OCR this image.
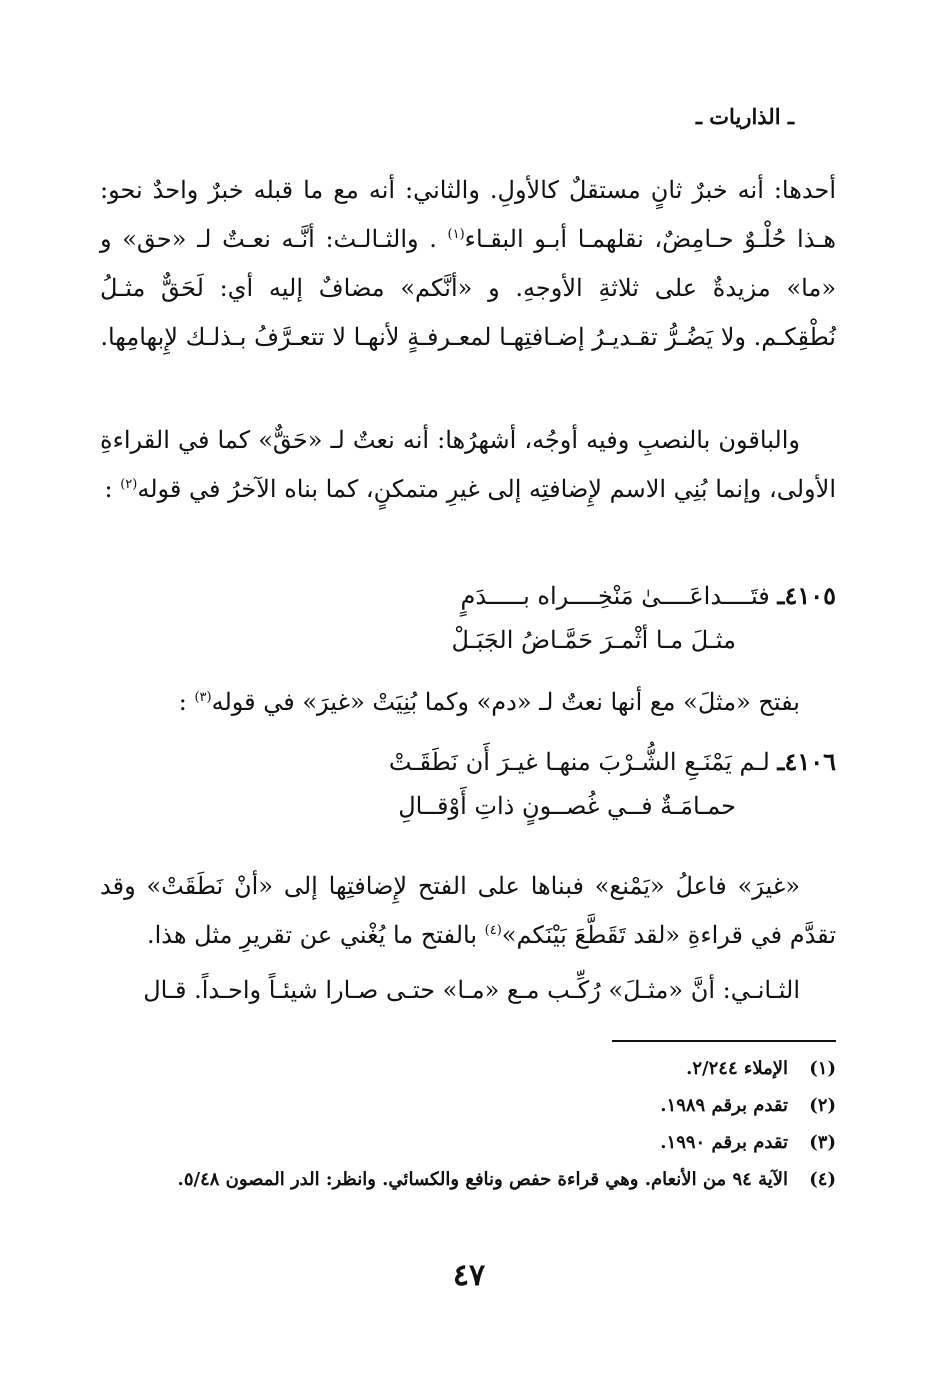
ـ الذاريات ـ

أحدها: أنه خبرٌ ثانٍ مستقلٌ كالأولِ. والثاني: أنه مع ما قبله خبرٌ واحدٌ نحو: هـذا حُلْـوٌ حـامِضٌ، نقلهمـا أبـو البقـاء$^{(١)}$ . والثـالـث: أنَّـه نعـتٌ لـ «حق» و «ما» مزيدةٌ على ثلاثةِ الأوجهِ. و «أنَّكم» مضافٌ إليه أي: لَحَقٌّ مثـلُ نُطْقِكـم. ولا يَضُـرُّ تقـديـرُ إضـافتِهـا لمعـرفـةٍ لأنهـا لا تتعـرَّفُ بـذلـك لإِبهامِها.

والباقون بالنصبِ وفيه أوجُه، أشهرُها: أنه نعتٌ لـ «حَقٌّ» كما في القراءةِ الأولى، وإنما بُنِي الاسم لإِضافتِه إلى غيرِ متمكنٍ، كما بناه الآخرُ في قوله$^{(٢)}$ :

٤١٠٥ـ فتَــــداعَــــىٰ مَنْخِــــراه بـــــدَمٍ
مثـلَ مـا أثْمـرَ حَمَّـاضُ الجَبَـلْ

بفتح «مثلَ» مع أنها نعتٌ لـ «دم» وكما بُنِيَتْ «غيرَ» في قوله$^{(٣)}$ :

٤١٠٦ـ لـم يَمْنَـعِ الشُّـرْبَ منهـا غيـرَ أَن نَطَقَـتْ
حمـامَـةٌ فــي غُصــونٍ ذاتِ أَوْقــالِ

«غيرَ» فاعلُ «يَمْنع» فبناها على الفتح لإِضافتِها إلى «أنْ نَطَقَتْ» وقد تقدَّم في قراءةِ «لقد تَقَطَّعَ بَيْنَكم»$^{(٤)}$ بالفتح ما يُغْني عن تقريرِ مثل هذا.

الثـانـي: أنَّ «مثـلَ» رُكِّـب مـع «مـا» حتـى صـارا شيئـاً واحـداً. قـال

(١)
الإملاء ٢/٢٤٤.
(٢)
تقدم برقم ١٩٨٩.
(٣)
تقدم برقم ١٩٩٠.
(٤)
الآية ٩٤ من الأنعام. وهي قراءة حفص ونافع والكسائي. وانظر: الدر المصون ٥/٤٨.
٤٧
